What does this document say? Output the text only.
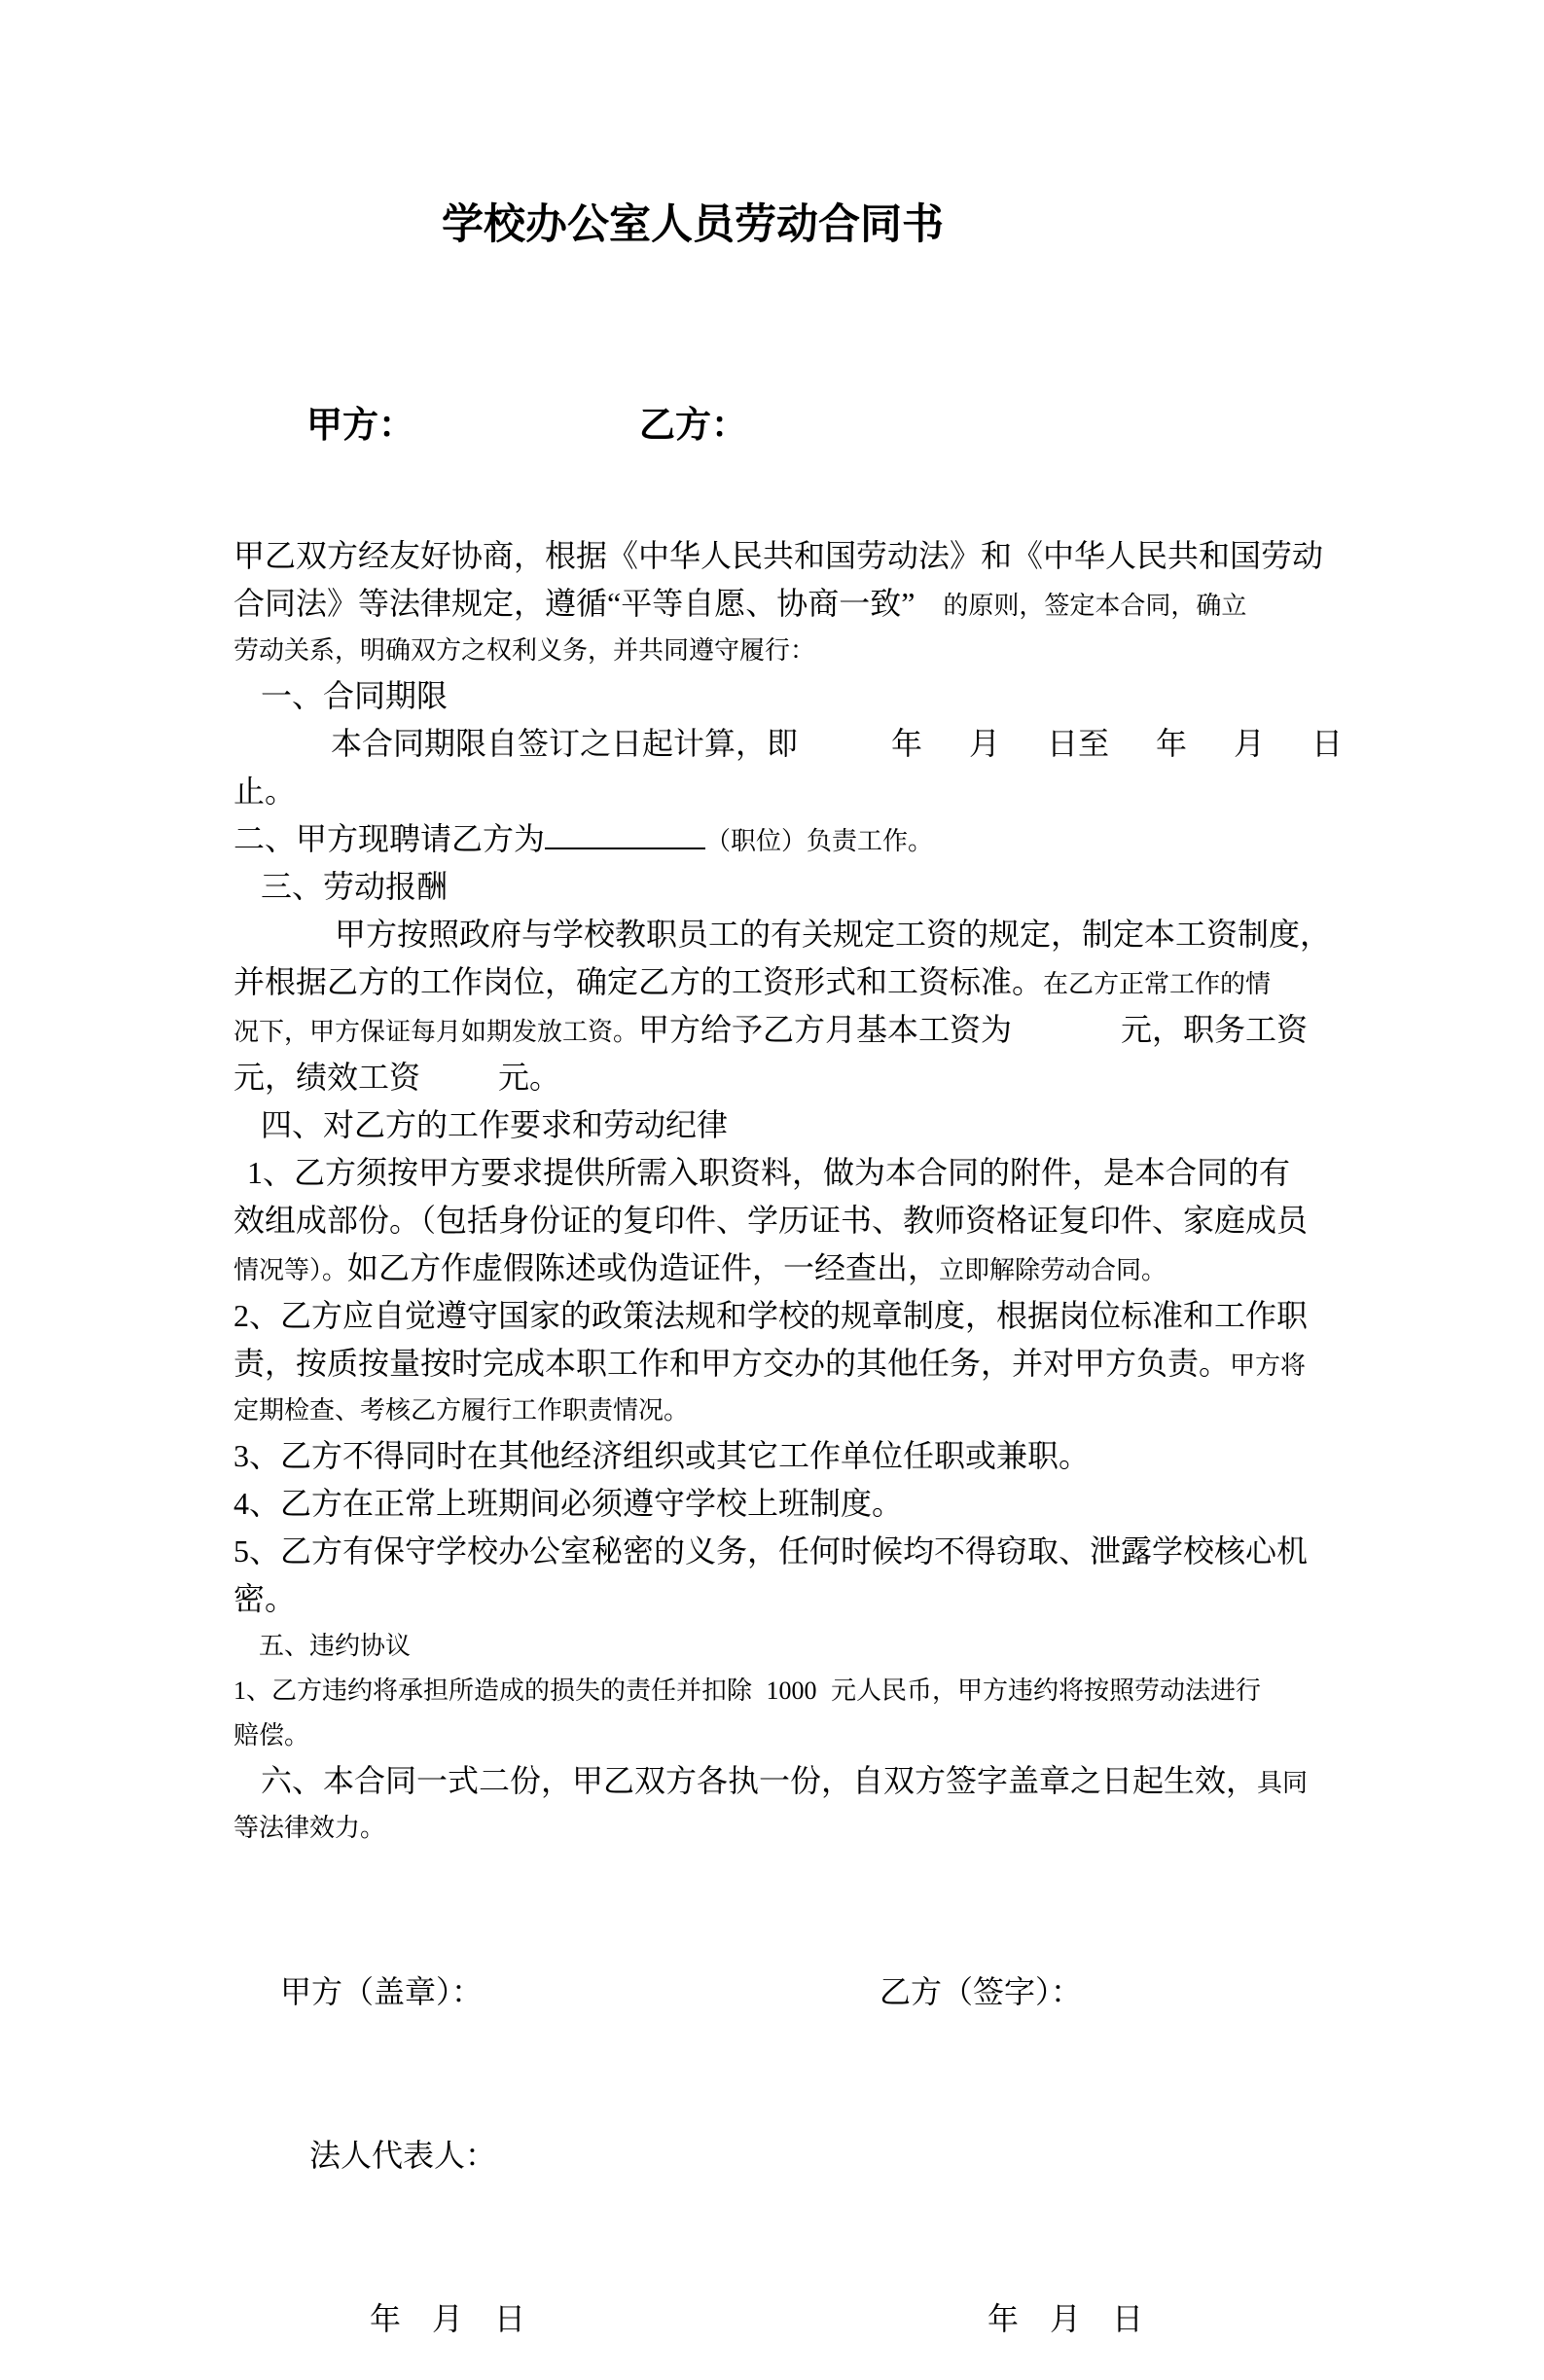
学校办公室人员劳动合同书

甲方：	乙方：

甲乙双方经友好协商，根据《中华人民共和国劳动法》和《中华人民共和国劳动
合同法》等法律规定，遵循“平等自愿、协商一致”  的原则，签定本合同，确立
劳动关系，明确双方之权利义务，并共同遵守履行：
一、合同期限
本合同期限自签订之日起计算，即      年   月   日至   年   月   日
止。
二、甲方现聘请乙方为	（职位）负责工作。
三、劳动报酬
甲方按照政府与学校教职员工的有关规定工资的规定，制定本工资制度，
并根据乙方的工作岗位，确定乙方的工资形式和工资标准。在乙方正常工作的情
况下，甲方保证每月如期发放工资。甲方给予乙方月基本工资为       元，职务工资
元，绩效工资     元。
四、对乙方的工作要求和劳动纪律
1、乙方须按甲方要求提供所需入职资料，做为本合同的附件，是本合同的有
效组成部份。（包括身份证的复印件、学历证书、教师资格证复印件、家庭成员
情况等）。如乙方作虚假陈述或伪造证件，一经查出，立即解除劳动合同。
2、乙方应自觉遵守国家的政策法规和学校的规章制度，根据岗位标准和工作职
责，按质按量按时完成本职工作和甲方交办的其他任务，并对甲方负责。甲方将
定期检查、考核乙方履行工作职责情况。
3、乙方不得同时在其他经济组织或其它工作单位任职或兼职。
4、乙方在正常上班期间必须遵守学校上班制度。
5、乙方有保守学校办公室秘密的义务，任何时候均不得窃取、泄露学校核心机
密。
五、违约协议
1、乙方违约将承担所造成的损失的责任并扣除 1000 元人民币，甲方违约将按照劳动法进行
赔偿。
六、本合同一式二份，甲乙双方各执一份，自双方签字盖章之日起生效，具同
等法律效力。

甲方（盖章）：	乙方（签字）：

法人代表人：

年    月    日	年    月    日
